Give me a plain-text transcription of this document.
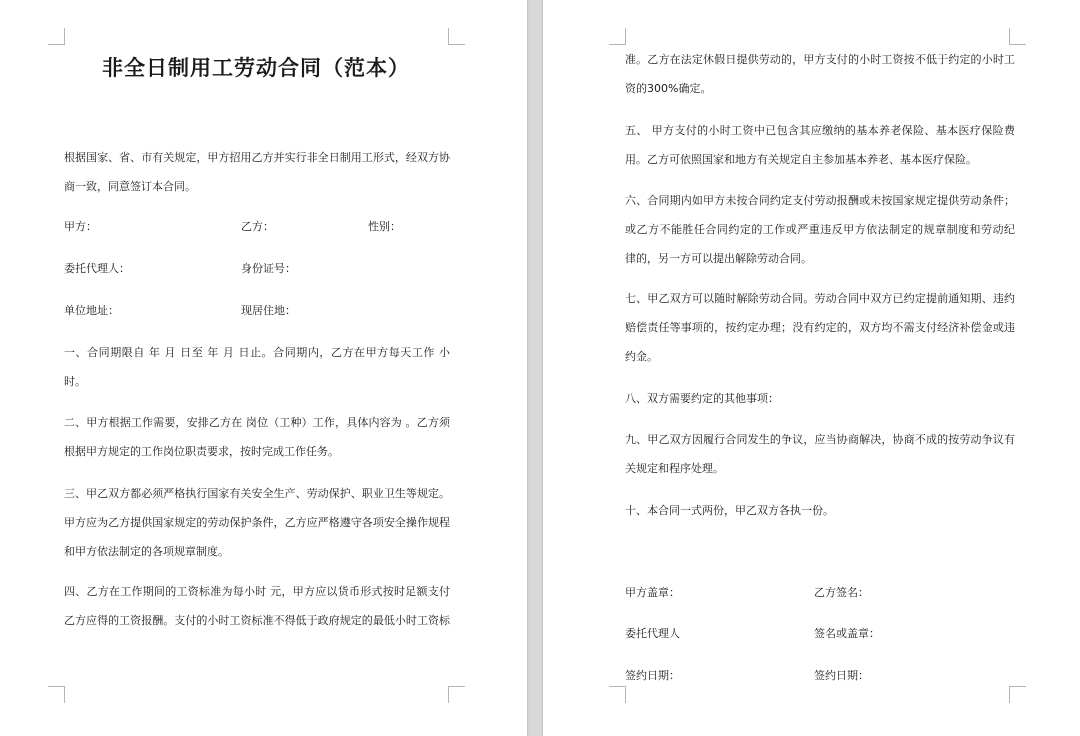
非全日制用工劳动合同（范本）

根据国家、省、市有关规定，甲方招用乙方并实行非全日制用工形式，经双方协
商一致，同意签订本合同。

甲方：	乙方：	性别：
委托代理人：	身份证号：
单位地址：	现居住地：

一、合同期限自 年 月 日至 年 月 日止。合同期内，乙方在甲方每天工作 小
时。

二、甲方根据工作需要，安排乙方在 岗位（工种）工作，具体内容为 。乙方须
根据甲方规定的工作岗位职责要求，按时完成工作任务。

三、甲乙双方都必须严格执行国家有关安全生产、劳动保护、职业卫生等规定。
甲方应为乙方提供国家规定的劳动保护条件，乙方应严格遵守各项安全操作规程
和甲方依法制定的各项规章制度。

四、乙方在工作期间的工资标准为每小时 元，甲方应以货币形式按时足额支付
乙方应得的工资报酬。支付的小时工资标准不得低于政府规定的最低小时工资标

准。乙方在法定休假日提供劳动的，甲方支付的小时工资按不低于约定的小时工
资的300%确定。

五、 甲方支付的小时工资中已包含其应缴纳的基本养老保险、基本医疗保险费
用。乙方可依照国家和地方有关规定自主参加基本养老、基本医疗保险。

六、合同期内如甲方未按合同约定支付劳动报酬或未按国家规定提供劳动条件；
或乙方不能胜任合同约定的工作或严重违反甲方依法制定的规章制度和劳动纪
律的，另一方可以提出解除劳动合同。

七、甲乙双方可以随时解除劳动合同。劳动合同中双方已约定提前通知期、违约
赔偿责任等事项的，按约定办理；没有约定的，双方均不需支付经济补偿金或违
约金。

八、双方需要约定的其他事项：

九、甲乙双方因履行合同发生的争议，应当协商解决，协商不成的按劳动争议有
关规定和程序处理。

十、本合同一式两份，甲乙双方各执一份。

甲方盖章：	乙方签名：
委托代理人	签名或盖章：
签约日期：	签约日期：
